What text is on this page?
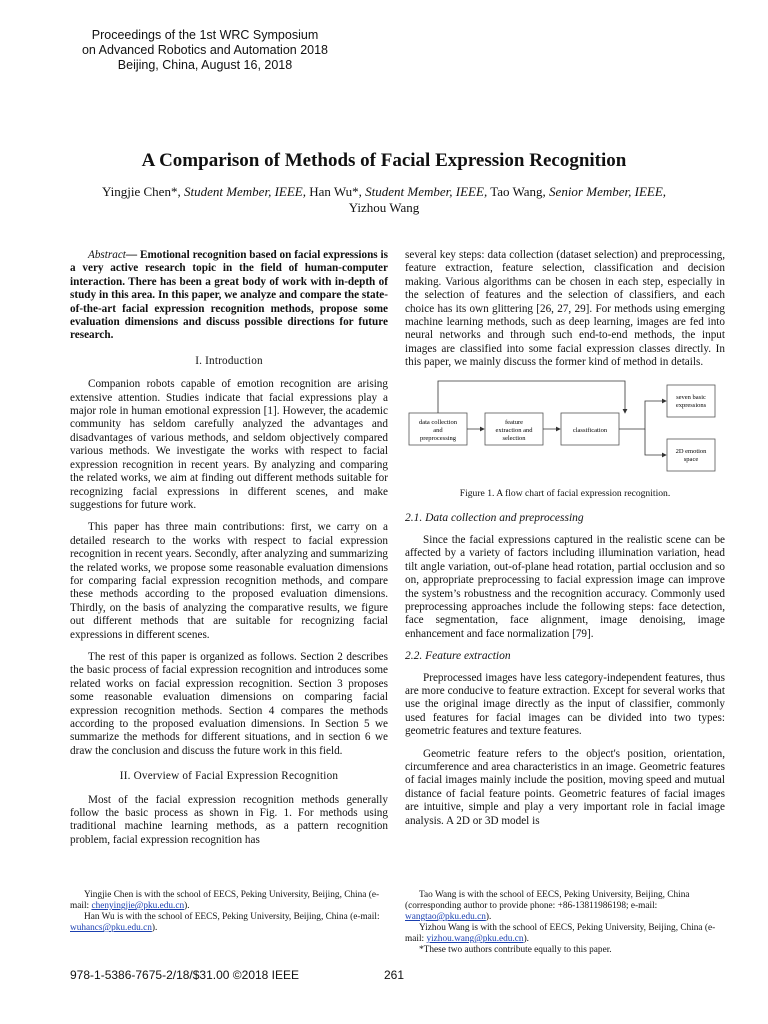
Proceedings of the 1st WRC Symposium
on Advanced Robotics and Automation 2018
Beijing, China, August 16, 2018
A Comparison of Methods of Facial Expression Recognition
Yingjie Chen*, Student Member, IEEE, Han Wu*, Student Member, IEEE, Tao Wang, Senior Member, IEEE, Yizhou Wang
Abstract— Emotional recognition based on facial expressions is a very active research topic in the field of human-computer interaction. There has been a great body of work with in-depth of study in this area. In this paper, we analyze and compare the state-of-the-art facial expression recognition methods, propose some evaluation dimensions and discuss possible directions for future research.
I. Introduction

Companion robots capable of emotion recognition are arising extensive attention. Studies indicate that facial expressions play a major role in human emotional expression [1]. However, the academic community has seldom carefully analyzed the advantages and disadvantages of various methods, and seldom objectively compared various methods. We investigate the works with respect to facial expression recognition in recent years. By analyzing and comparing the related works, we aim at finding out different methods suitable for recognizing facial expressions in different scenes, and make suggestions for future work.

This paper has three main contributions: first, we carry on a detailed research to the works with respect to facial expression recognition in recent years. Secondly, after analyzing and summarizing the related works, we propose some reasonable evaluation dimensions for comparing facial expression recognition methods, and compare these methods according to the proposed evaluation dimensions. Thirdly, on the basis of analyzing the comparative results, we figure out different methods that are suitable for recognizing facial expressions in different scenes.

The rest of this paper is organized as follows. Section 2 describes the basic process of facial expression recognition and introduces some related works on facial expression recognition. Section 3 proposes some reasonable evaluation dimensions on comparing facial expression recognition methods. Section 4 compares the methods according to the proposed evaluation dimensions. In Section 5 we summarize the methods for different situations, and in section 6 we draw the conclusion and discuss the future work in this field.

II. Overview of Facial Expression Recognition

Most of the facial expression recognition methods generally follow the basic process as shown in Fig. 1. For methods using traditional machine learning methods, as a pattern recognition problem, facial expression recognition has

several key steps: data collection (dataset selection) and preprocessing, feature extraction, feature selection, classification and decision making. Various algorithms can be chosen in each step, especially in the selection of features and the selection of classifiers, and each choice has its own glittering [26, 27, 29]. For methods using emerging machine learning methods, such as deep learning, images are fed into neural networks and through such end-to-end methods, the input images are classified into some facial expression classes directly. In this paper, we mainly discuss the former kind of method in details.

data collection
and
preprocessing
feature
extraction and
selection
classification
seven basic
expressions
2D emotion
space
Figure 1. A flow chart of facial expression recognition.
2.1. Data collection and preprocessing

Since the facial expressions captured in the realistic scene can be affected by a variety of factors including illumination variation, head tilt angle variation, out-of-plane head rotation, partial occlusion and so on, appropriate preprocessing to facial expression image can improve the system’s robustness and the recognition accuracy. Commonly used preprocessing approaches include the following steps: face detection, face segmentation, face alignment, image denoising, image enhancement and face normalization [79].

2.2. Feature extraction

Preprocessed images have less category-independent features, thus are more conducive to feature extraction. Except for several works that use the original image directly as the input of classifier, commonly used features for facial images can be divided into two types: geometric features and texture features.

Geometric feature refers to the object's position, orientation, circumference and area characteristics in an image. Geometric features of facial images mainly include the position, moving speed and mutual distance of facial feature points. Geometric features of facial images are intuitive, simple and play a very important role in facial image analysis. A 2D or 3D model is

Yingjie Chen is with the school of EECS, Peking University, Beijing, China (e-mail: chenyingjie@pku.edu.cn).

Han Wu is with the school of EECS, Peking University, Beijing, China (e-mail: wuhancs@pku.edu.cn).

Tao Wang is with the school of EECS, Peking University, Beijing, China (corresponding author to provide phone: +86-13811986198; e-mail: wangtao@pku.edu.cn).

Yizhou Wang is with the school of EECS, Peking University, Beijing, China (e-mail: yizhou.wang@pku.edu.cn).

*These two authors contribute equally to this paper.

978-1-5386-7675-2/18/$31.00 ©2018 IEEE	261
